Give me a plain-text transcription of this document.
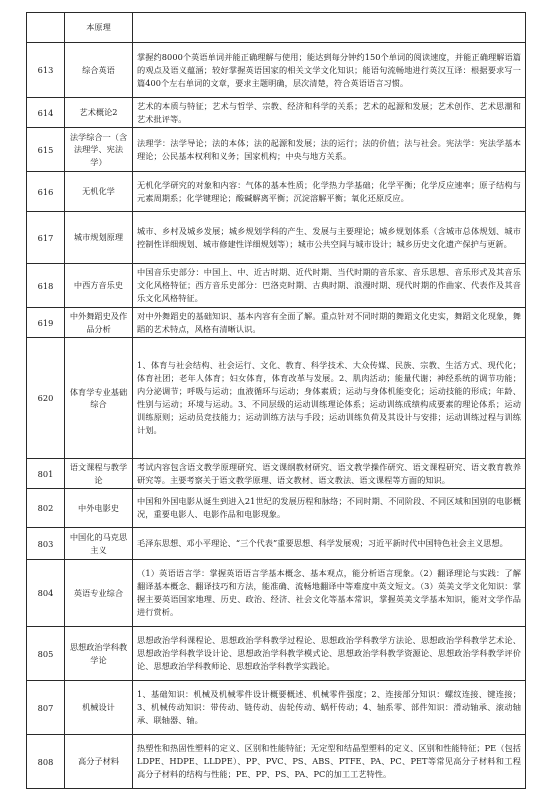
	本原理	
613	综合英语	掌握约8000个英语单词并能正确理解与使用；能达到每分钟约150个单词的阅读速度，并能正确理解语篇的观点及语义蕴涵；较好掌握英语国家的相关文学文化知识；能语句流畅地进行英汉互译：根据要求写一篇400个左右单词的文章，要求主题明确，层次清楚，符合英语语言习惯。
614	艺术概论2	艺术的本质与特征；艺术与哲学、宗教、经济和科学的关系；艺术的起源和发展；艺术创作、艺术思潮和艺术批评等。
615	法学综合一（含法理学、宪法学）	法理学：法学导论；法的本体；法的起源和发展；法的运行；法的价值；法与社会。宪法学：宪法学基本理论；公民基本权利和义务；国家机构；中央与地方关系。
616	无机化学	无机化学研究的对象和内容：气体的基本性质；化学热力学基础；化学平衡；化学反应速率；原子结构与元素周期系；化学键理论；酸碱解离平衡；沉淀溶解平衡；氧化还原反应。
617	城市规划原理	城市、乡村及城乡发展；城乡规划学科的产生、发展与主要理论；城乡规划体系（含城市总体规划、城市控制性详细规划、城市修建性详细规划等）；城市公共空间与城市设计；城乡历史文化遗产保护与更新。
618	中西方音乐史	中国音乐史部分：中国上、中、近古时期、近代时期、当代时期的音乐家、音乐思想、音乐形式及其音乐文化风格特征；西方音乐史部分：巴洛克时期、古典时期、浪漫时期、现代时期的作曲家、代表作及其音乐文化风格特征。
619	中外舞蹈史及作品分析	对中外舞蹈史的基础知识、基本内容有全面了解。重点针对不同时期的舞蹈文化史实，舞蹈文化现象，舞蹈的艺术特点，风格有清晰认识。
620	体育学专业基础综合	1、体育与社会结构、社会运行、文化、教育、科学技术、大众传媒、民族、宗教、生活方式、现代化；体育社团；老年人体育；妇女体育，体育改革与发展。2、肌肉活动；能量代谢；神经系统的调节功能；内分泌调节；呼吸与运动；血液循环与运动；身体素质；运动与身体机能变化；运动技能的形成；年龄、性别与运动；环境与运动。3、不同层级的运动训练理论体系；运动训练成绩构成要素的理论体系；运动训练原则；运动员竞技能力；运动训练方法与手段；运动训练负荷及其设计与安排；运动训练过程与训练计划。
801	语文课程与教学论	考试内容包含语文教学原理研究、语文课纲教材研究、语文教学操作研究、语文课程研究、语文教育教养研究等。主要考察关于语文教学原理、语文教材、语文教法、语文课程等方面的知识。
802	中外电影史	中国和外国电影从诞生到进入21世纪的发展历程和脉络；不同时期、不同阶段、不同区域和国别的电影概况，重要电影人、电影作品和电影现象。
803	中国化的马克思主义	毛泽东思想、邓小平理论、“三个代表”重要思想、科学发展观；习近平新时代中国特色社会主义思想。
804	英语专业综合	（1）英语语言学：掌握英语语言学基本概念、基本观点，能分析语言现象。（2）翻译理论与实践：了解翻译基本概念、翻译技巧和方法，能准确、流畅地翻译中等难度中英文短文。（3）英美文学文化知识：掌握主要英语国家地理、历史、政治、经济、社会文化等基本常识，掌握英美文学基本知识，能对文学作品进行赏析。
805	思想政治学科教学论	思想政治学科课程论、思想政治学科教学过程论、思想政治学科教学方法论、思想政治学科教学艺术论、思想政治学科教学设计论、思想政治学科教学模式论、思想政治学科教学资源论、思想政治学科教学评价论、思想政治学科教师论、思想政治学科教学实践论。
807	机械设计	1、基础知识：机械及机械零件设计概要概述、机械零件强度；2、连接部分知识：螺纹连接、键连接；3、机械传动知识：带传动、链传动、齿轮传动、蜗杆传动；4、轴系零、部件知识：滑动轴承、滚动轴承、联轴器、轴。
808	高分子材料	热塑性和热固性塑料的定义、区别和性能特征；无定型和结晶型塑料的定义、区别和性能特征；PE（包括LDPE、HDPE、LLDPE）、PP、PVC、PS、ABS、PTFE、PA、PC、PET等常见高分子材料和工程高分子材料的结构与性能；PE、PP、PS、PA、PC的加工工艺特性。
